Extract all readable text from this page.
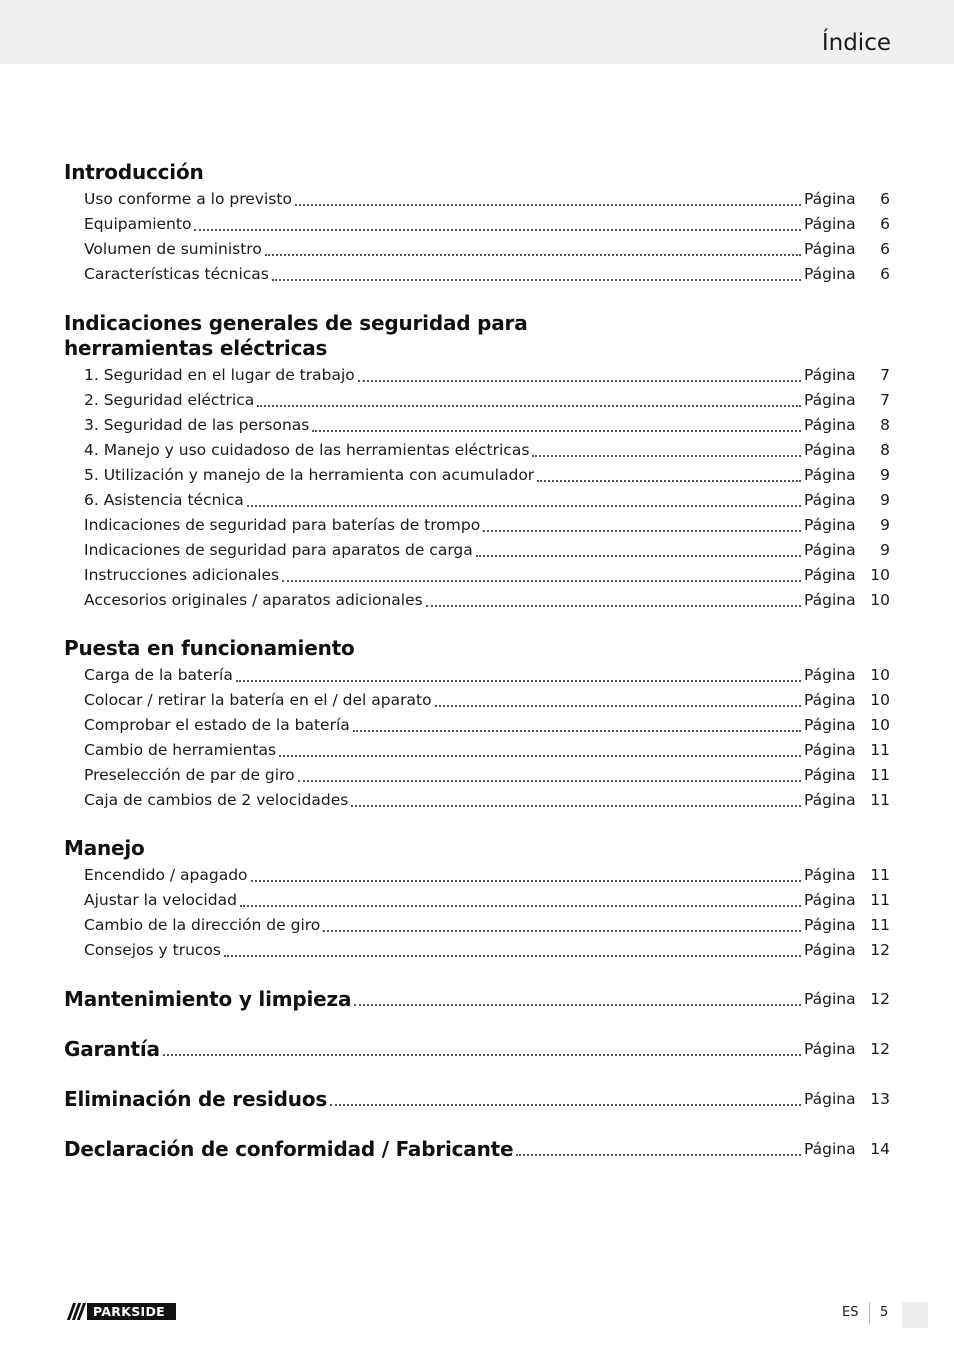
Índice
Introducción
Uso conforme a lo previsto	Página	6
Equipamiento	Página	6
Volumen de suministro	Página	6
Características técnicas	Página	6
Indicaciones generales de seguridad para
herramientas eléctricas
1. Seguridad en el lugar de trabajo	Página	7
2. Seguridad eléctrica	Página	7
3. Seguridad de las personas	Página	8
4. Manejo y uso cuidadoso de las herramientas eléctricas	Página	8
5. Utilización y manejo de la herramienta con acumulador	Página	9
6. Asistencia técnica	Página	9
Indicaciones de seguridad para baterías de trompo	Página	9
Indicaciones de seguridad para aparatos de carga	Página	9
Instrucciones adicionales	Página 10
Accesorios originales / aparatos adicionales	Página 10
Puesta en funcionamiento
Carga de la batería	Página 10
Colocar / retirar la batería en el / del aparato	Página 10
Comprobar el estado de la batería	Página 10
Cambio de herramientas	Página 11
Preselección de par de giro	Página 11
Caja de cambios de 2 velocidades	Página 11
Manejo
Encendido / apagado	Página 11
Ajustar la velocidad	Página 11
Cambio de la dirección de giro	Página 11
Consejos y trucos	Página 12
Mantenimiento y limpieza	Página 12
Garantía	Página 12
Eliminación de residuos	Página 13
Declaración de conformidad / Fabricante	Página 14
PARKSIDE	ES 5
